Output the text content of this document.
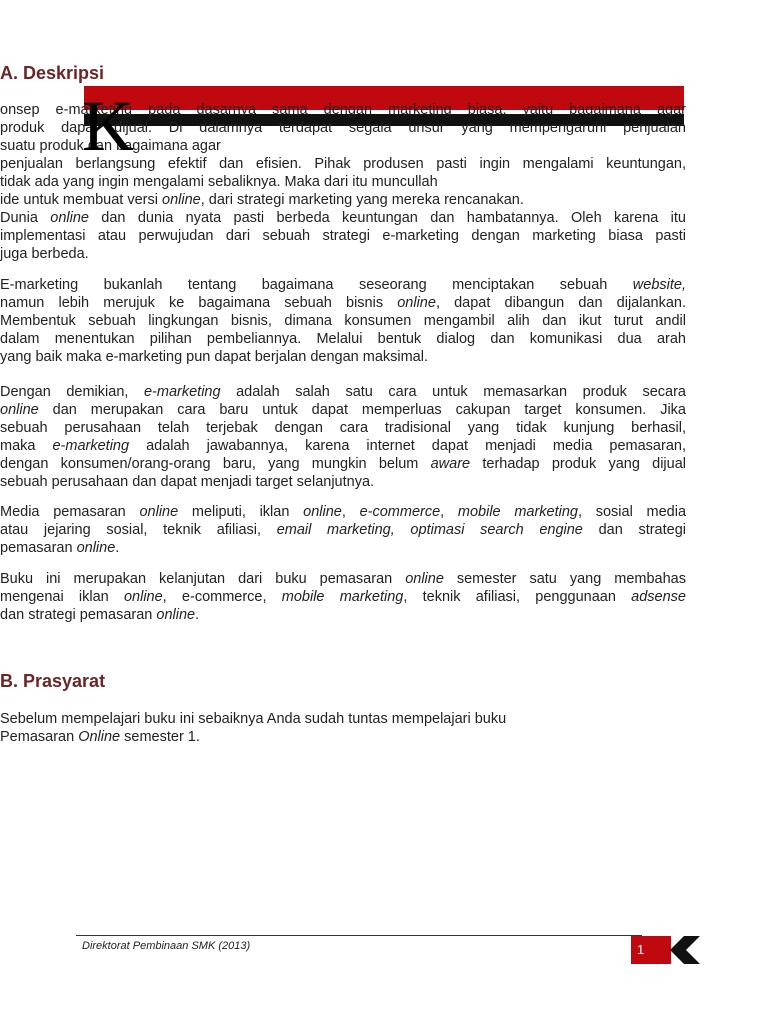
A. Deskripsi
onsep e-marketing pada dasarnya sama dengan marketing biasa, yaitu bagaimana agar
produk dapat dijual. Di dalamnya terdapat segala unsur yang mempengaruhi penjualan
suatu produk dan bagaimana agar
penjualan berlangsung efektif dan efisien. Pihak produsen pasti ingin mengalami keuntungan,
tidak ada yang ingin mengalami sebaliknya. Maka dari itu muncullah
ide untuk membuat versi online, dari strategi marketing yang mereka rencanakan.
Dunia online dan dunia nyata pasti berbeda keuntungan dan hambatannya. Oleh karena itu
implementasi atau perwujudan dari sebuah strategi e-marketing dengan marketing biasa pasti
juga berbeda.
K
E-marketing bukanlah tentang bagaimana seseorang menciptakan sebuah website,
namun lebih merujuk ke bagaimana sebuah bisnis online, dapat dibangun dan dijalankan.
Membentuk sebuah lingkungan bisnis, dimana konsumen mengambil alih dan ikut turut andil
dalam menentukan pilihan pembeliannya. Melalui bentuk dialog dan komunikasi dua arah
yang baik maka e-marketing pun dapat berjalan dengan maksimal.
Dengan demikian, e-marketing adalah salah satu cara untuk memasarkan produk secara
online dan merupakan cara baru untuk dapat memperluas cakupan target konsumen. Jika
sebuah perusahaan telah terjebak dengan cara tradisional yang tidak kunjung berhasil,
maka e-marketing adalah jawabannya, karena internet dapat menjadi media pemasaran,
dengan konsumen/orang-orang baru, yang mungkin belum aware terhadap produk yang dijual
sebuah perusahaan dan dapat menjadi target selanjutnya.
Media pemasaran online meliputi, iklan online, e-commerce, mobile marketing, sosial media
atau jejaring sosial, teknik afiliasi, email marketing, optimasi search engine dan strategi
pemasaran online.
Buku ini merupakan kelanjutan dari buku pemasaran online semester satu yang membahas
mengenai iklan online, e-commerce, mobile marketing, teknik afiliasi, penggunaan adsense
dan strategi pemasaran online.
B. Prasyarat
Sebelum mempelajari buku ini sebaiknya Anda sudah tuntas mempelajari buku
Pemasaran Online semester 1.
Direktorat Pembinaan SMK (2013)	1
